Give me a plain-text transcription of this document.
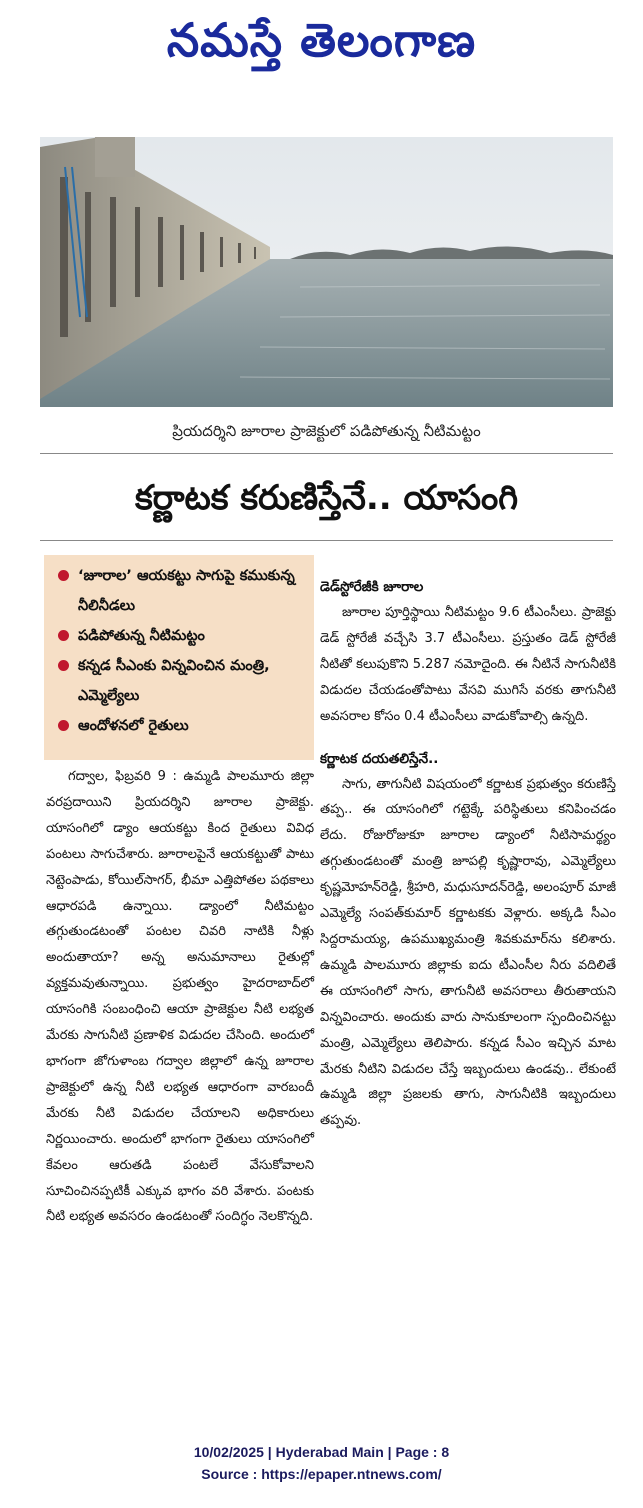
నమస్తే తెలంగాణ
ప్రియదర్శిని జూరాల ప్రాజెక్టులో పడిపోతున్న నీటిమట్టం
కర్ణాటక కరుణిస్తేనే.. యాసంగి
‘జూరాల’ ఆయకట్టు సాగుపై కముకున్న నీలినీడలు
పడిపోతున్న నీటిమట్టం
కన్నడ సీఎంకు విన్నవించిన మంత్రి, ఎమ్మెల్యేలు
ఆందోళనలో రైతులు

గద్వాల, ఫిబ్రవరి 9 : ఉమ్మడి పాలమూరు జిల్లా వరప్రదాయిని ప్రియదర్శిని జూరాల ప్రాజెక్టు. యాసంగిలో డ్యాం ఆయకట్టు కింద రైతులు వివిధ పంటలు సాగుచేశారు. జూరాలపైనే ఆయకట్టుతో పాటు నెట్టెంపాడు, కోయిల్‌సాగర్, భీమా ఎత్తిపోతల పథకాలు ఆధారపడి ఉన్నాయి. డ్యాంలో నీటిమట్టం తగ్గుతుండటంతో పంటల చివరి నాటికి నీళ్లు అందుతాయా? అన్న అనుమానాలు రైతుల్లో వ్యక్తమవుతున్నాయి. ప్రభుత్వం హైదరాబాద్‌లో యాసంగికి సంబంధించి ఆయా ప్రాజెక్టుల నీటి లభ్యత మేరకు సాగునీటి ప్రణాళిక విడుదల చేసింది. అందులో భాగంగా జోగుళాంబ గద్వాల జిల్లాలో ఉన్న జూరాల ప్రాజెక్టులో ఉన్న నీటి లభ్యత ఆధారంగా వారబందీ మేరకు నీటి విడుదల చేయాలని అధికారులు నిర్ణయించారు. అందులో భాగంగా రైతులు యాసంగిలో కేవలం ఆరుతడి పంటలే వేసుకోవాలని సూచించినప్పటికీ ఎక్కువ భాగం వరి వేశారు. పంటకు నీటి లభ్యత అవసరం ఉండటంతో సందిగ్ధం నెలకొన్నది.

డెడ్‌స్టోరేజీకి జూరాల

జూరాల పూర్తిస్థాయి నీటిమట్టం 9.6 టీఎంసీలు. ప్రాజెక్టు డెడ్ స్టోరేజీ వచ్చేసి 3.7 టీఎంసీలు. ప్రస్తుతం డెడ్ స్టోరేజీ నీటితో కలుపుకొని 5.287 నమోదైంది. ఈ నీటినే సాగునీటికి విడుదల చేయడంతోపాటు వేసవి ముగిసే వరకు తాగునీటి అవసరాల కోసం 0.4 టీఎంసీలు వాడుకోవాల్సి ఉన్నది.

కర్ణాటక దయతలిస్తేనే..

సాగు, తాగునీటి విషయంలో కర్ణాటక ప్రభుత్వం కరుణిస్తే తప్ప.. ఈ యాసంగిలో గట్టెక్కే పరిస్థితులు కనిపించడం లేదు. రోజురోజుకూ జూరాల డ్యాంలో నీటిసామర్థ్యం తగ్గుతుండటంతో మంత్రి జూపల్లి కృష్ణారావు, ఎమ్మెల్యేలు కృష్ణమోహన్‌రెడ్డి, శ్రీహరి, మధుసూదన్‌రెడ్డి, అలంపూర్ మాజీ ఎమ్మెల్యే సంపత్‌కుమార్ కర్ణాటకకు వెళ్లారు. అక్కడి సీఎం సిద్దరామయ్య, ఉపముఖ్యమంత్రి శివకుమార్‌ను కలిశారు. ఉమ్మడి పాలమూరు జిల్లాకు ఐదు టీఎంసీల నీరు వదిలితే ఈ యాసంగిలో సాగు, తాగునీటి అవసరాలు తీరుతాయని విన్నవించారు. అందుకు వారు సానుకూలంగా స్పందించినట్టు మంత్రి, ఎమ్మెల్యేలు తెలిపారు. కన్నడ సీఎం ఇచ్చిన మాట మేరకు నీటిని విడుదల చేస్తే ఇబ్బందులు ఉండవు.. లేకుంటే ఉమ్మడి జిల్లా ప్రజలకు తాగు, సాగునీటికి ఇబ్బందులు తప్పవు.

10/02/2025 | Hyderabad Main | Page : 8
Source : https://epaper.ntnews.com/
